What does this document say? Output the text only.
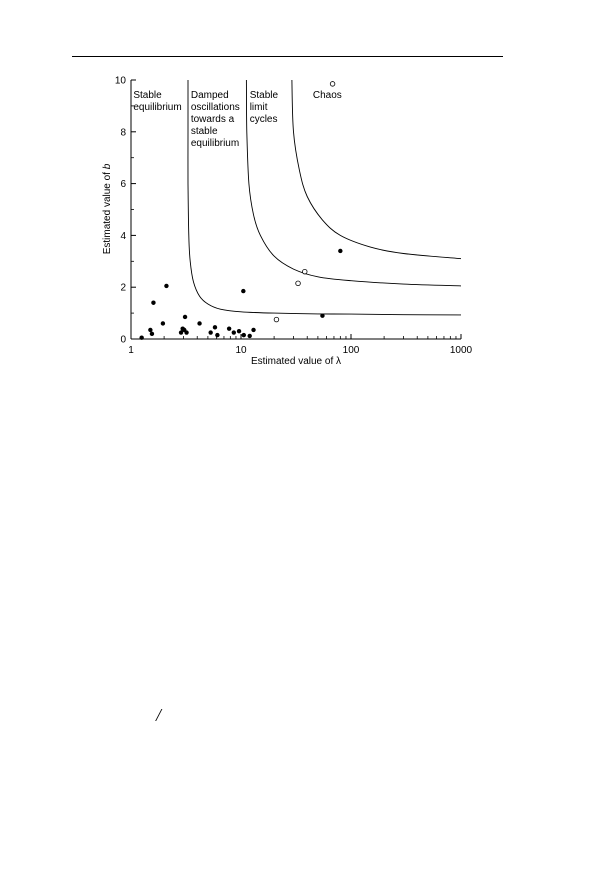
1	10	100	1000
0
2
4
6
8
10
Stable equilibrium
Damped oscillations towards a stable equilibrium
Stable limit cycles
Chaos
Estimated value of λ
Estimated value of b
/
